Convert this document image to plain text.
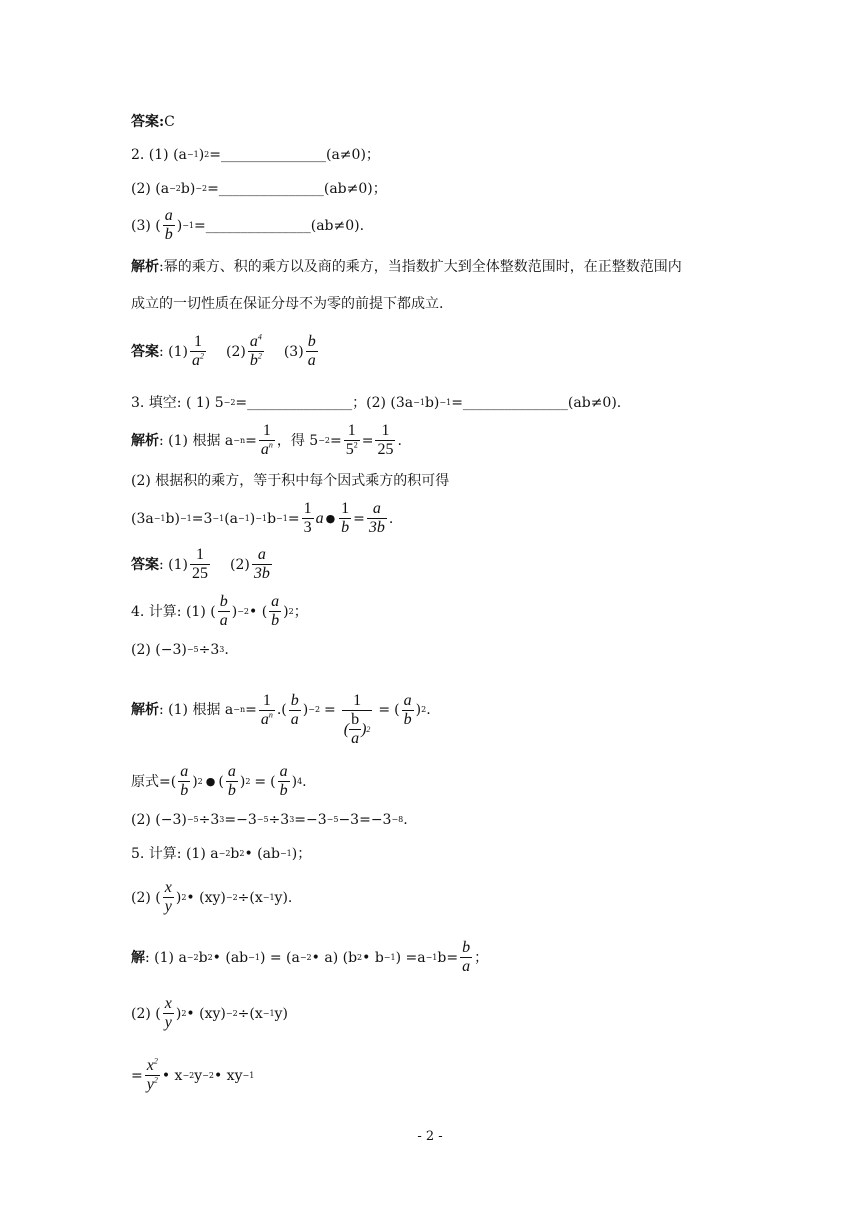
答案 : C
2. (1) (a −1 ) 2 =_______________(a≠0)；
(2) (a −2 b) −2 =_______________(ab≠0)；
(3) ( $\frac{a}{b}$ ) −1 =_______________(ab≠0).
解析 :幂的乘方、积的乘方以及商的乘方，当指数扩大到全体整数范围时，在正整数范围内
成立的一切性质在保证分母不为零的前提下都成立.
答案 : $(1) \frac{1}{a^2} (2) \frac{a^4}{b^2} (3) \frac{b}{a}$
3. 填空: ( 1) 5 −2 =_______________；(2) (3a −1 b) −1 =_______________(ab≠0).
解析 : (1) 根据 $a -n = \frac{1}{a^n}$ ，得 $5 -2 = \frac{1}{5^2} = \frac{1}{25}$ .
(2) 根据积的乘方，等于积中每个因式乘方的积可得
(3a −1 b) −1 =3 −1 (a −1 ) −1 $b -1 = \frac{1}{3}$ a ● $\frac{1}{b} = \frac{a}{3b}$ .
答案 : $(1) \frac{1}{25} (2) \frac{a}{3b}$
4. 计算: (1) ( $\frac{b}{a}$ ) −2 • ( $\frac{a}{b}$ ) 2 ；
(2) (−3) −5 ÷3 3 .
解析 : (1) 根据 $a -n = \frac{1}{a^n}$ . ( $\frac{b}{a}$ ) $-2 = \frac{1}{( \frac{b}{a} ) 2}$ = ( $\frac{a}{b}$ ) 2 .
原式= ( $\frac{a}{b}$ ) 2 ● ( $\frac{a}{b}$ ) 2 = ( $\frac{a}{b}$ ) 4 .
(2) (−3) −5 ÷3 3 =−3 −5 ÷3 3 =−3 −5 −3=−3 −8 .
5. 计算: (1) a −2 b 2 • (ab −1 )；
(2) ( $\frac{x}{y}$ ) 2 • (xy) −2 ÷(x −1 y).
解 : (1) a −2 b 2 • (ab −1 ) = (a −2 • a) (b 2 • b −1 ) =a −1 $b= \frac{b}{a}$ ；
(2) ( $\frac{x}{y}$ ) 2 • (xy) −2 ÷(x −1 y)
= $\frac{x^2}{y^2}$ • x −2 y −2 • xy −1
- 2 -
